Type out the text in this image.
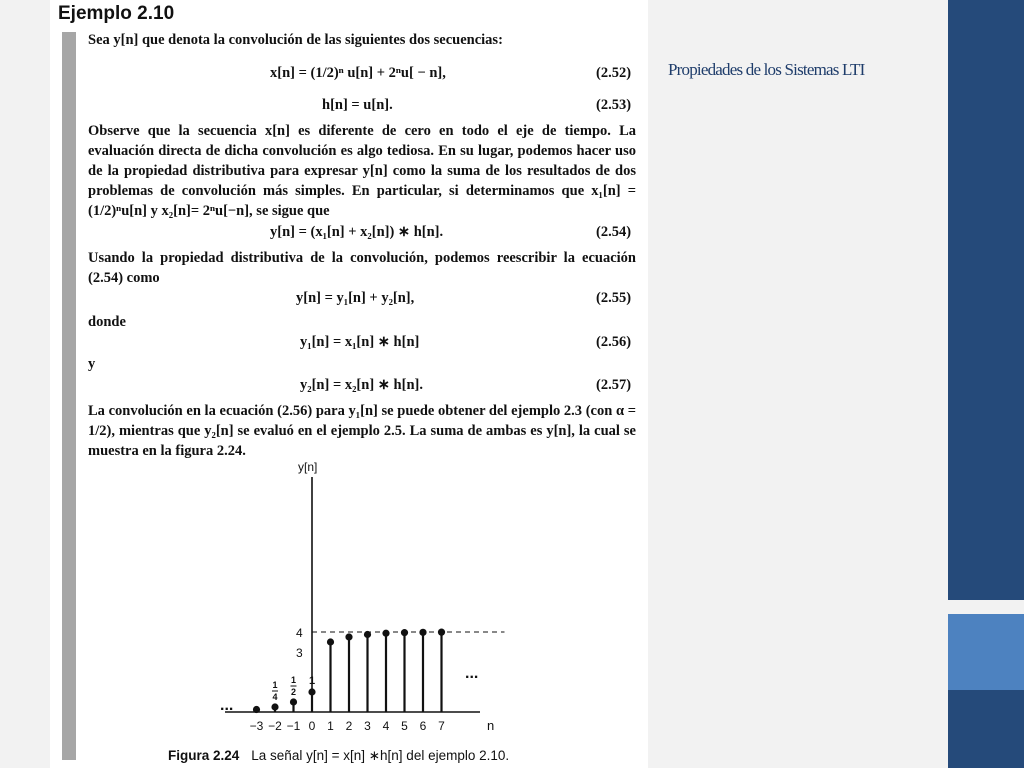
Propiedades de los Sistemas LTI
Ejemplo 2.10
Sea y[n] que denota la convolución de las siguientes dos secuencias:
x[n] = (1/2)ⁿ u[n] + 2ⁿu[ − n],	(2.52)
h[n] = u[n].	(2.53)
Observe que la secuencia x[n] es diferente de cero en todo el eje de tiempo. La evaluación directa de dicha convolución es algo tediosa. En su lugar, podemos hacer uso de la propiedad distributiva para expresar y[n] como la suma de los resultados de dos problemas de convolución más simples. En particular, si determinamos que x₁[n] = (1/2)ⁿu[n] y x₂[n]= 2ⁿu[−n], se sigue que
y[n] = (x₁[n] + x₂[n]) ∗ h[n].	(2.54)
Usando la propiedad distributiva de la convolución, podemos reescribir la ecuación (2.54) como
y[n] = y₁[n] + y₂[n],	(2.55)
donde
y₁[n] = x₁[n] ∗ h[n]	(2.56)
y
y₂[n] = x₂[n] ∗ h[n].	(2.57)
La convolución en la ecuación (2.56) para y₁[n] se puede obtener del ejemplo 2.3 (con α = 1/2), mientras que y₂[n] se evaluó en el ejemplo 2.5. La suma de ambas es y[n], la cual se muestra en la figura 2.24.
y[n]
n
3
4
...
...
−3 −2
1
4
−1
1
2
0
1
1 2 3 4 5 6 7
Figura 2.24 La señal y[n] = x[n] ∗h[n] del ejemplo 2.10.
